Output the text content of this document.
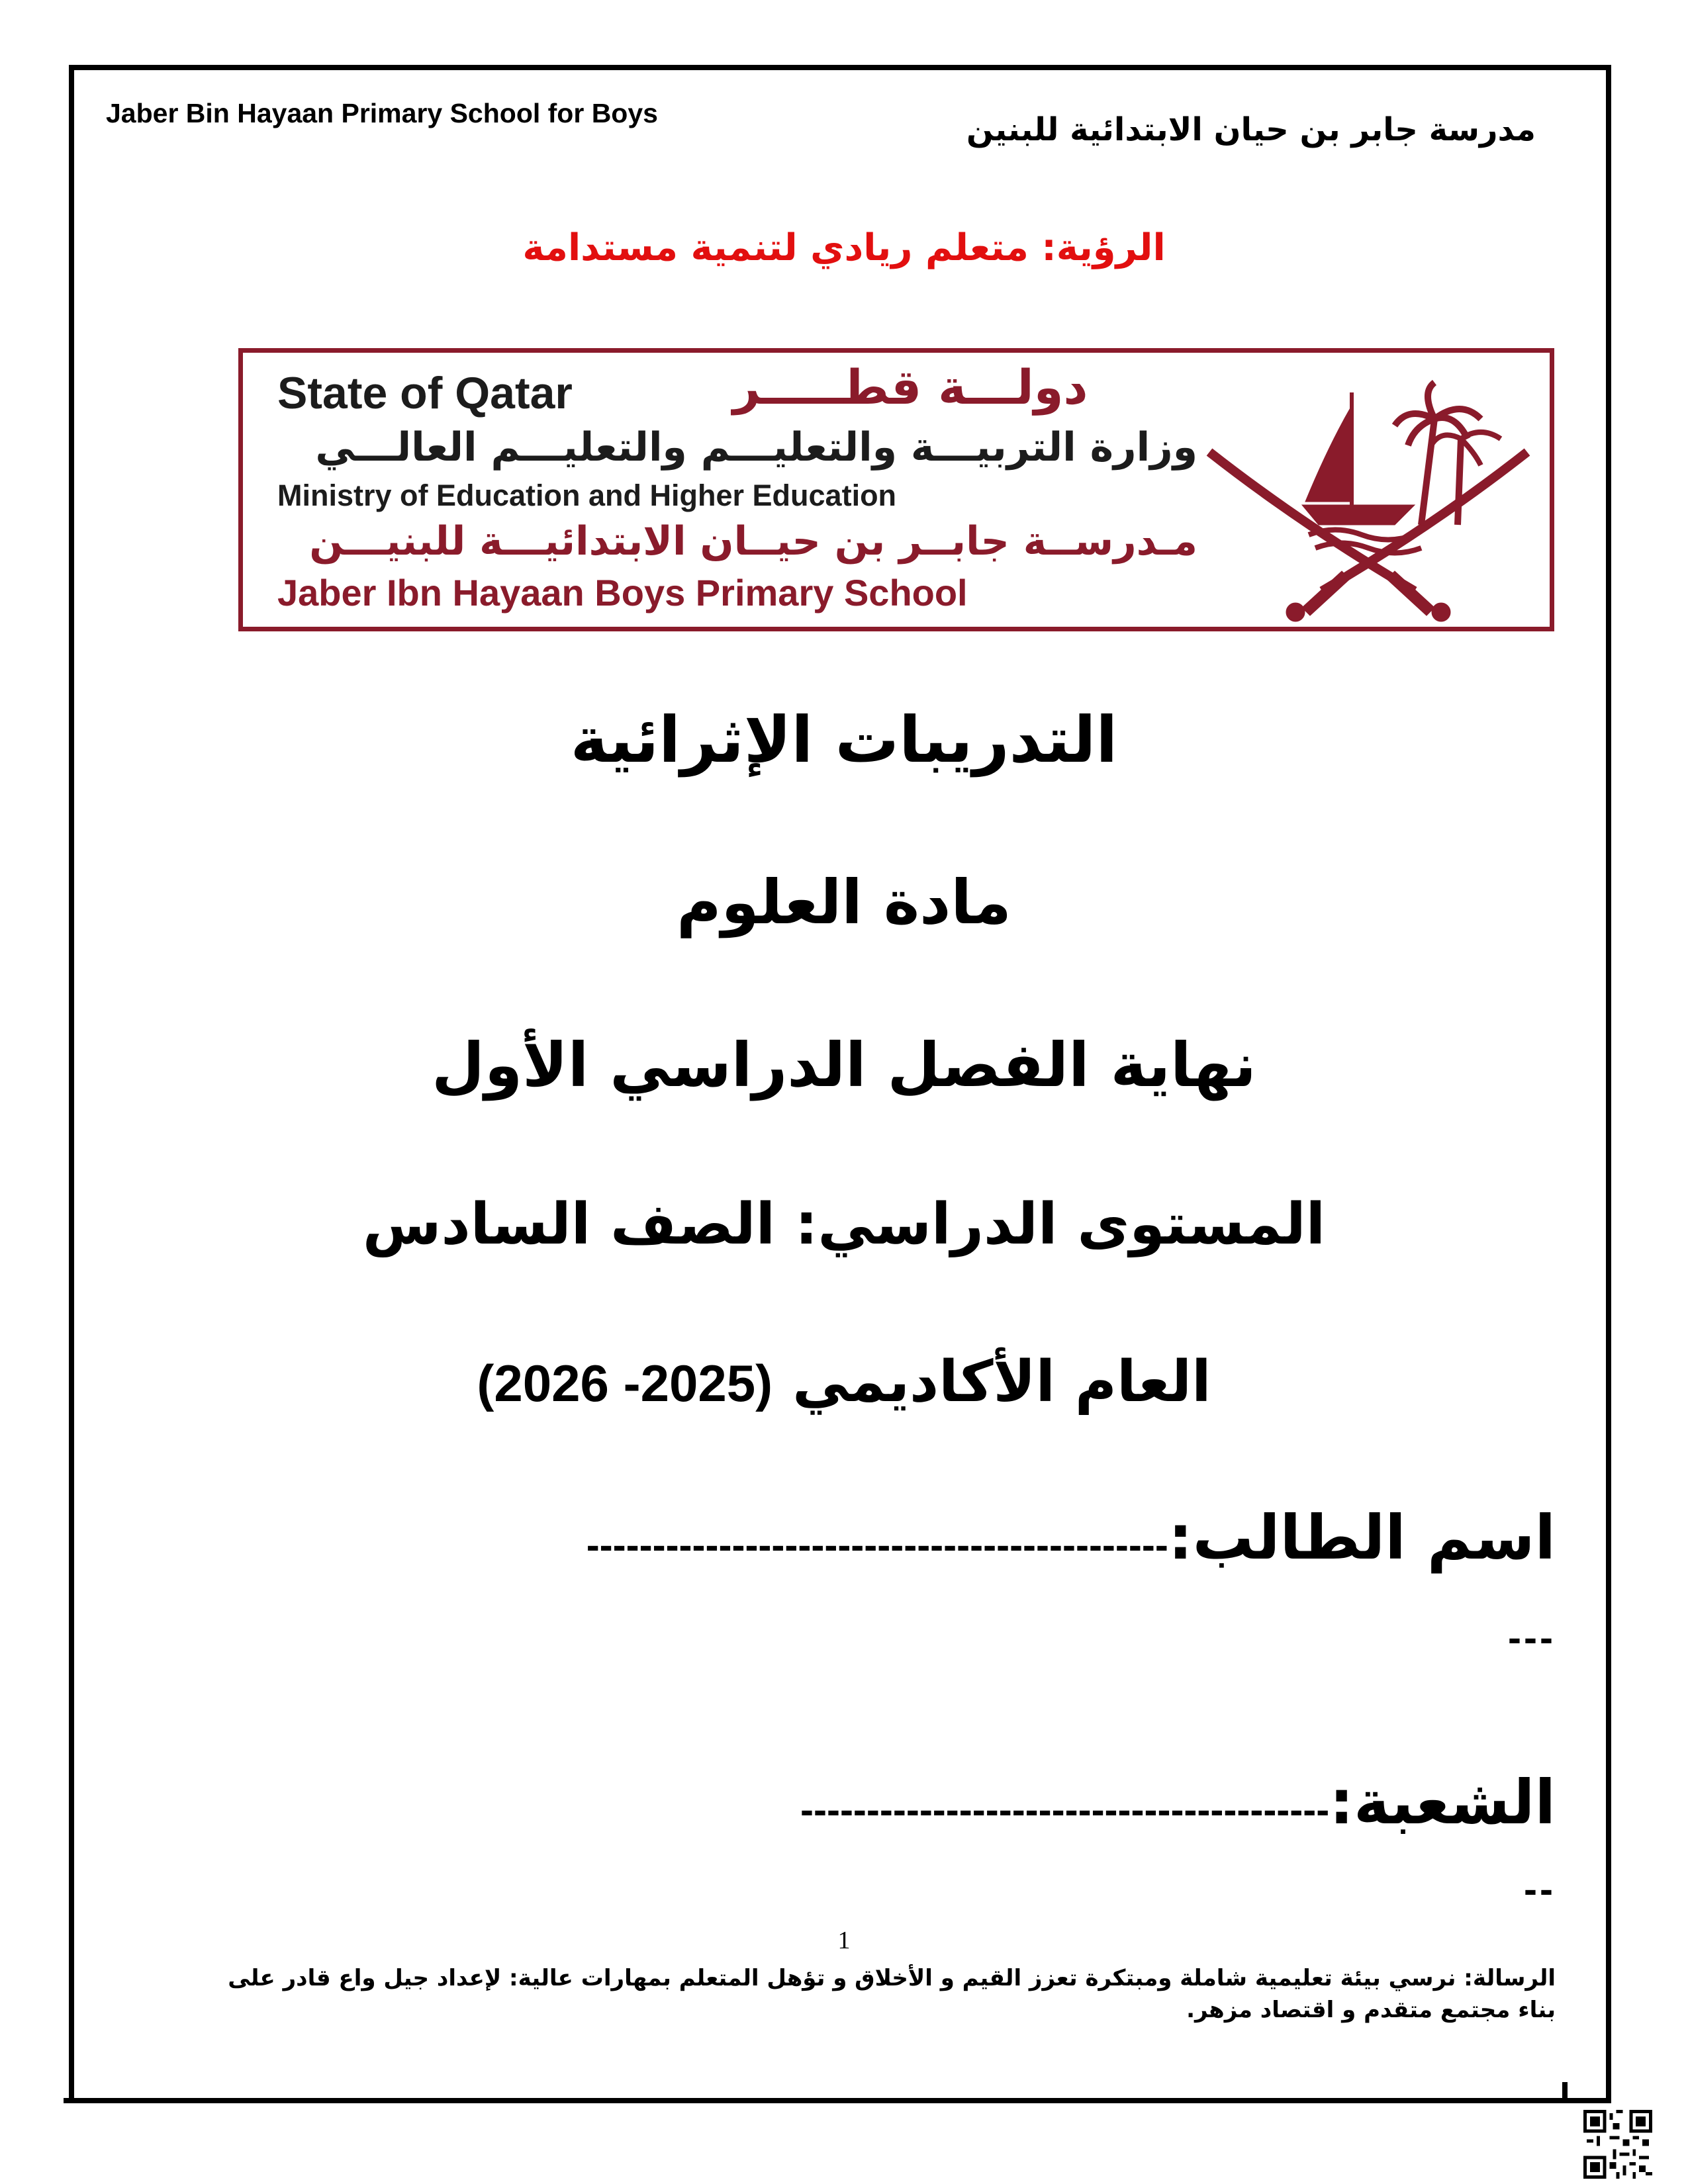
Jaber Bin Hayaan Primary School for Boys	مدرسة جابر بن حيان الابتدائية للبنين
الرؤية: متعلم ريادي لتنمية مستدامة
State of Qatar	دولـــة قطـــــر
وزارة التربيـــة والتعليـــم والتعليـــم العالـــي
Ministry of Education and Higher Education
مـدرســة جابــر بن حيــان الابتدائيـــة للبنيـــن
Jaber Ibn Hayaan Boys Primary School
التدريبات الإثرائية
مادة العلوم
نهاية الفصل الدراسي الأول
المستوى الدراسي: الصف السادس
العام الأكاديمي (2025- 2026)
اسم الطالب:--------------------------------------------
---
الشعبة:----------------------------------------
--
1
الرسالة: نرسي بيئة تعليمية شاملة ومبتكرة تعزز القيم و الأخلاق و تؤهل المتعلم بمهارات عالية: لإعداد جيل واع قادر على بناء مجتمع متقدم و اقتصاد مزهر.
